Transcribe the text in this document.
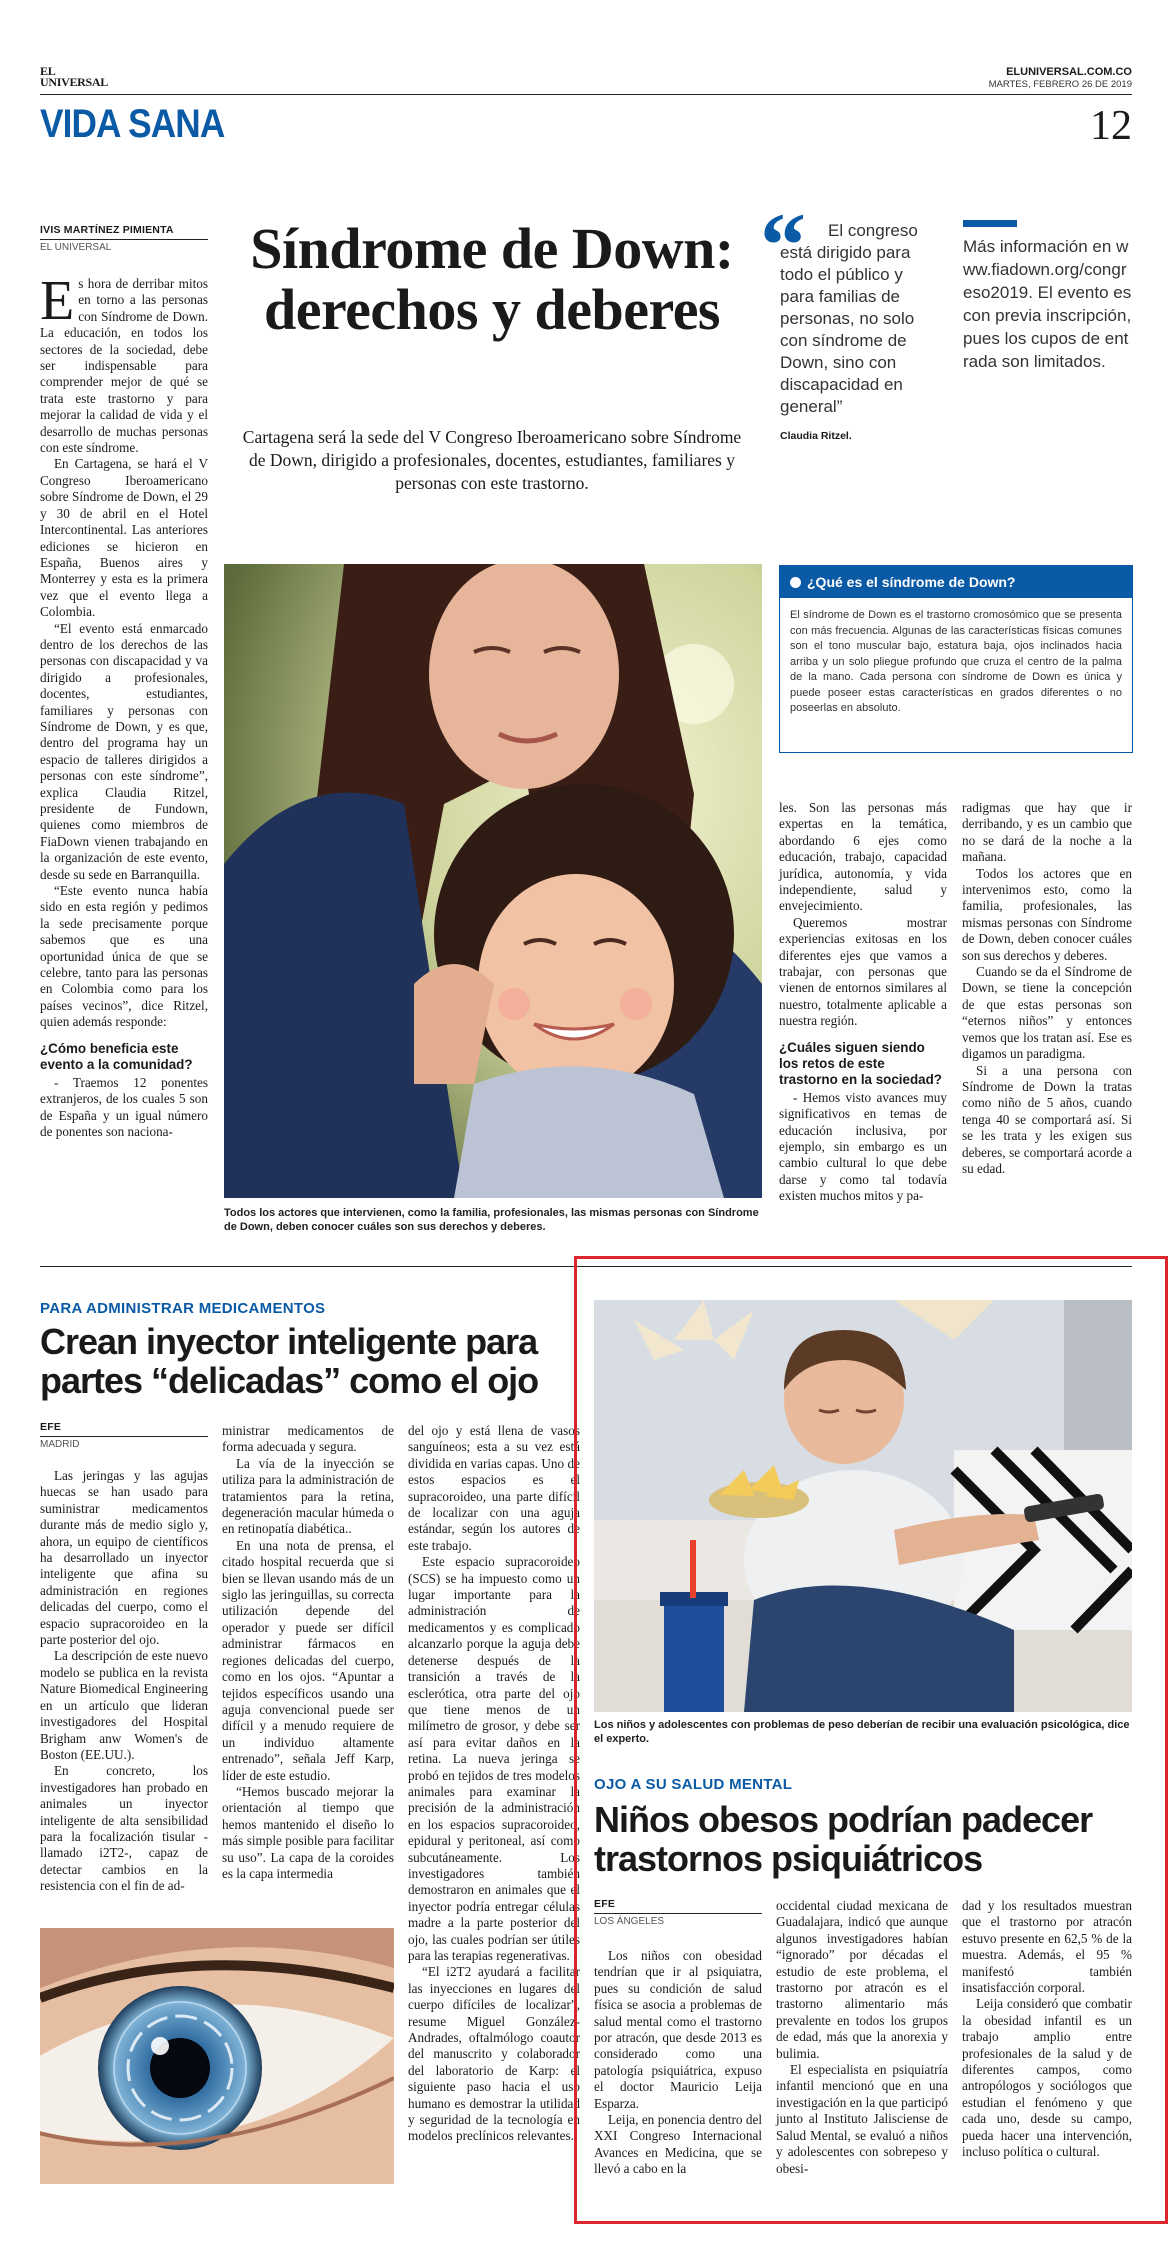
EL UNIVERSAL
ELUNIVERSAL.COM.CO
MARTES, FEBRERO 26 DE 2019
VIDA SANA	12
IVIS MARTÍNEZ PIMIENTA
EL UNIVERSAL

Es hora de derribar mitos en torno a las personas con Síndrome de Down. La educación, en todos los sectores de la sociedad, debe ser indispensable para comprender mejor de qué se trata este trastorno y para mejorar la calidad de vida y el desarrollo de muchas personas con este síndrome.

En Cartagena, se hará el V Congreso Iberoamericano sobre Síndrome de Down, el 29 y 30 de abril en el Hotel Intercontinental. Las anteriores ediciones se hicieron en España, Buenos aires y Monterrey y esta es la primera vez que el evento llega a Colombia.

“El evento está enmarcado dentro de los derechos de las personas con discapacidad y va dirigido a profesionales, docentes, estudiantes, familiares y personas con Síndrome de Down, y es que, dentro del programa hay un espacio de talleres dirigidos a personas con este síndrome”, explica Claudia Ritzel, presidente de Fundown, quienes como miembros de FiaDown vienen trabajando en la organización de este evento, desde su sede en Barranquilla.

“Este evento nunca había sido en esta región y pedimos la sede precisamente porque sabemos que es una oportunidad única de que se celebre, tanto para las personas en Colombia como para los países vecinos”, dice Ritzel, quien además responde:

¿Cómo beneficia este evento a la comunidad?

- Traemos 12 ponentes extranjeros, de los cuales 5 son de España y un igual número de ponentes son naciona-

Síndrome de Down: derechos y deberes
Cartagena será la sede del V Congreso Iberoamericano sobre Síndrome de Down, dirigido a profesionales, docentes, estudiantes, familiares y personas con este trastorno.
“	El congreso está dirigido para todo el público y para familias de personas, no solo con síndrome de Down, sino con discapacidad en general”
Claudia Ritzel.
Más información en www.fiadown.org/congreso2019. El evento es con previa inscripción, pues los cupos de entrada son limitados.
Todos los actores que intervienen, como la familia, profesionales, las mismas personas con Síndrome de Down, deben conocer cuáles son sus derechos y deberes.
¿Qué es el síndrome de Down?
El síndrome de Down es el trastorno cromosómico que se presenta con más frecuencia. Algunas de las características físicas comunes son el tono muscular bajo, estatura baja, ojos inclinados hacia arriba y un solo pliegue profundo que cruza el centro de la palma de la mano. Cada persona con síndrome de Down es única y puede poseer estas características en grados diferentes o no poseerlas en absoluto.

les. Son las personas más expertas en la temática, abordando 6 ejes como educación, trabajo, capacidad jurídica, autonomía, y vida independiente, salud y envejecimiento.

Queremos mostrar experiencias exitosas en los diferentes ejes que vamos a trabajar, con personas que vienen de entornos similares al nuestro, totalmente aplicable a nuestra región.

¿Cuáles siguen siendo los retos de este trastorno en la sociedad?

- Hemos visto avances muy significativos en temas de educación inclusiva, por ejemplo, sin embargo es un cambio cultural lo que debe darse y como tal todavía existen muchos mitos y pa-

radigmas que hay que ir derribando, y es un cambio que no se dará de la noche a la mañana.

Todos los actores que en intervenimos esto, como la familia, profesionales, las mismas personas con Síndrome de Down, deben conocer cuáles son sus derechos y deberes.

Cuando se da el Síndrome de Down, se tiene la concepción de que estas personas son “eternos niños” y entonces vemos que los tratan así. Ese es digamos un paradigma.

Si a una persona con Síndrome de Down la tratas como niño de 5 años, cuando tenga 40 se comportará así. Si se les trata y les exigen sus deberes, se comportará acorde a su edad.

PARA ADMINISTRAR MEDICAMENTOS
Crean inyector inteligente para partes “delicadas” como el ojo
EFE
MADRID

Las jeringas y las agujas huecas se han usado para suministrar medicamentos durante más de medio siglo y, ahora, un equipo de científicos ha desarrollado un inyector inteligente que afina su administración en regiones delicadas del cuerpo, como el espacio supracoroideo en la parte posterior del ojo.

La descripción de este nuevo modelo se publica en la revista Nature Biomedical Engineering en un artículo que lideran investigadores del Hospital Brigham anw Women's de Boston (EE.UU.).

En concreto, los investigadores han probado en animales un inyector inteligente de alta sensibilidad para la focalización tisular -llamado i2T2-, capaz de detectar cambios en la resistencia con el fin de ad-

ministrar medicamentos de forma adecuada y segura.

La vía de la inyección se utiliza para la administración de tratamientos para la retina, degeneración macular húmeda o en retinopatía diabética..

En una nota de prensa, el citado hospital recuerda que si bien se llevan usando más de un siglo las jeringuillas, su correcta utilización depende del operador y puede ser difícil administrar fármacos en regiones delicadas del cuerpo, como en los ojos. “Apuntar a tejidos específicos usando una aguja convencional puede ser difícil y a menudo requiere de un individuo altamente entrenado”, señala Jeff Karp, líder de este estudio.

“Hemos buscado mejorar la orientación al tiempo que hemos mantenido el diseño lo más simple posible para facilitar su uso”. La capa de la coroides es la capa intermedia

del ojo y está llena de vasos sanguíneos; esta a su vez está dividida en varias capas. Uno de estos espacios es el supracoroideo, una parte difícil de localizar con una aguja estándar, según los autores de este trabajo.

Este espacio supracoroideo (SCS) se ha impuesto como un lugar importante para la administración de medicamentos y es complicado alcanzarlo porque la aguja debe detenerse después de la transición a través de la esclerótica, otra parte del ojo que tiene menos de un milímetro de grosor, y debe ser así para evitar daños en la retina. La nueva jeringa se probó en tejidos de tres modelos animales para examinar la precisión de la administración en los espacios supracoroideo, epidural y peritoneal, así como subcutáneamente. Los investigadores también demostraron en animales que el inyector podría entregar células madre a la parte posterior del ojo, las cuales podrían ser útiles para las terapias regenerativas.

“El i2T2 ayudará a facilitar las inyecciones en lugares del cuerpo difíciles de localizar”, resume Miguel González-Andrades, oftalmólogo coautor del manuscrito y colaborador del laboratorio de Karp: el siguiente paso hacia el uso humano es demostrar la utilidad y seguridad de la tecnología en modelos preclínicos relevantes.

Los niños y adolescentes con problemas de peso deberían de recibir una evaluación psicológica, dice el experto.
OJO A SU SALUD MENTAL
Niños obesos podrían padecer trastornos psiquiátricos
EFE
LOS ÁNGELES

Los niños con obesidad tendrían que ir al psiquiatra, pues su condición de salud física se asocia a problemas de salud mental como el trastorno por atracón, que desde 2013 es considerado como una patología psiquiátrica, expuso el doctor Mauricio Leija Esparza.

Leija, en ponencia dentro del XXI Congreso Internacional Avances en Medicina, que se llevó a cabo en la

occidental ciudad mexicana de Guadalajara, indicó que aunque algunos investigadores habían “ignorado” por décadas el estudio de este problema, el trastorno por atracón es el trastorno alimentario más prevalente en todos los grupos de edad, más que la anorexia y bulimia.

El especialista en psiquiatría infantil mencionó que en una investigación en la que participó junto al Instituto Jalisciense de Salud Mental, se evaluó a niños y adolescentes con sobrepeso y obesi-

dad y los resultados muestran que el trastorno por atracón estuvo presente en 62,5 % de la muestra. Además, el 95 % manifestó también insatisfacción corporal.

Leija consideró que combatir la obesidad infantil es un trabajo amplio entre profesionales de la salud y de diferentes campos, como antropólogos y sociólogos que estudian el fenómeno y que cada uno, desde su campo, pueda hacer una intervención, incluso política o cultural.
